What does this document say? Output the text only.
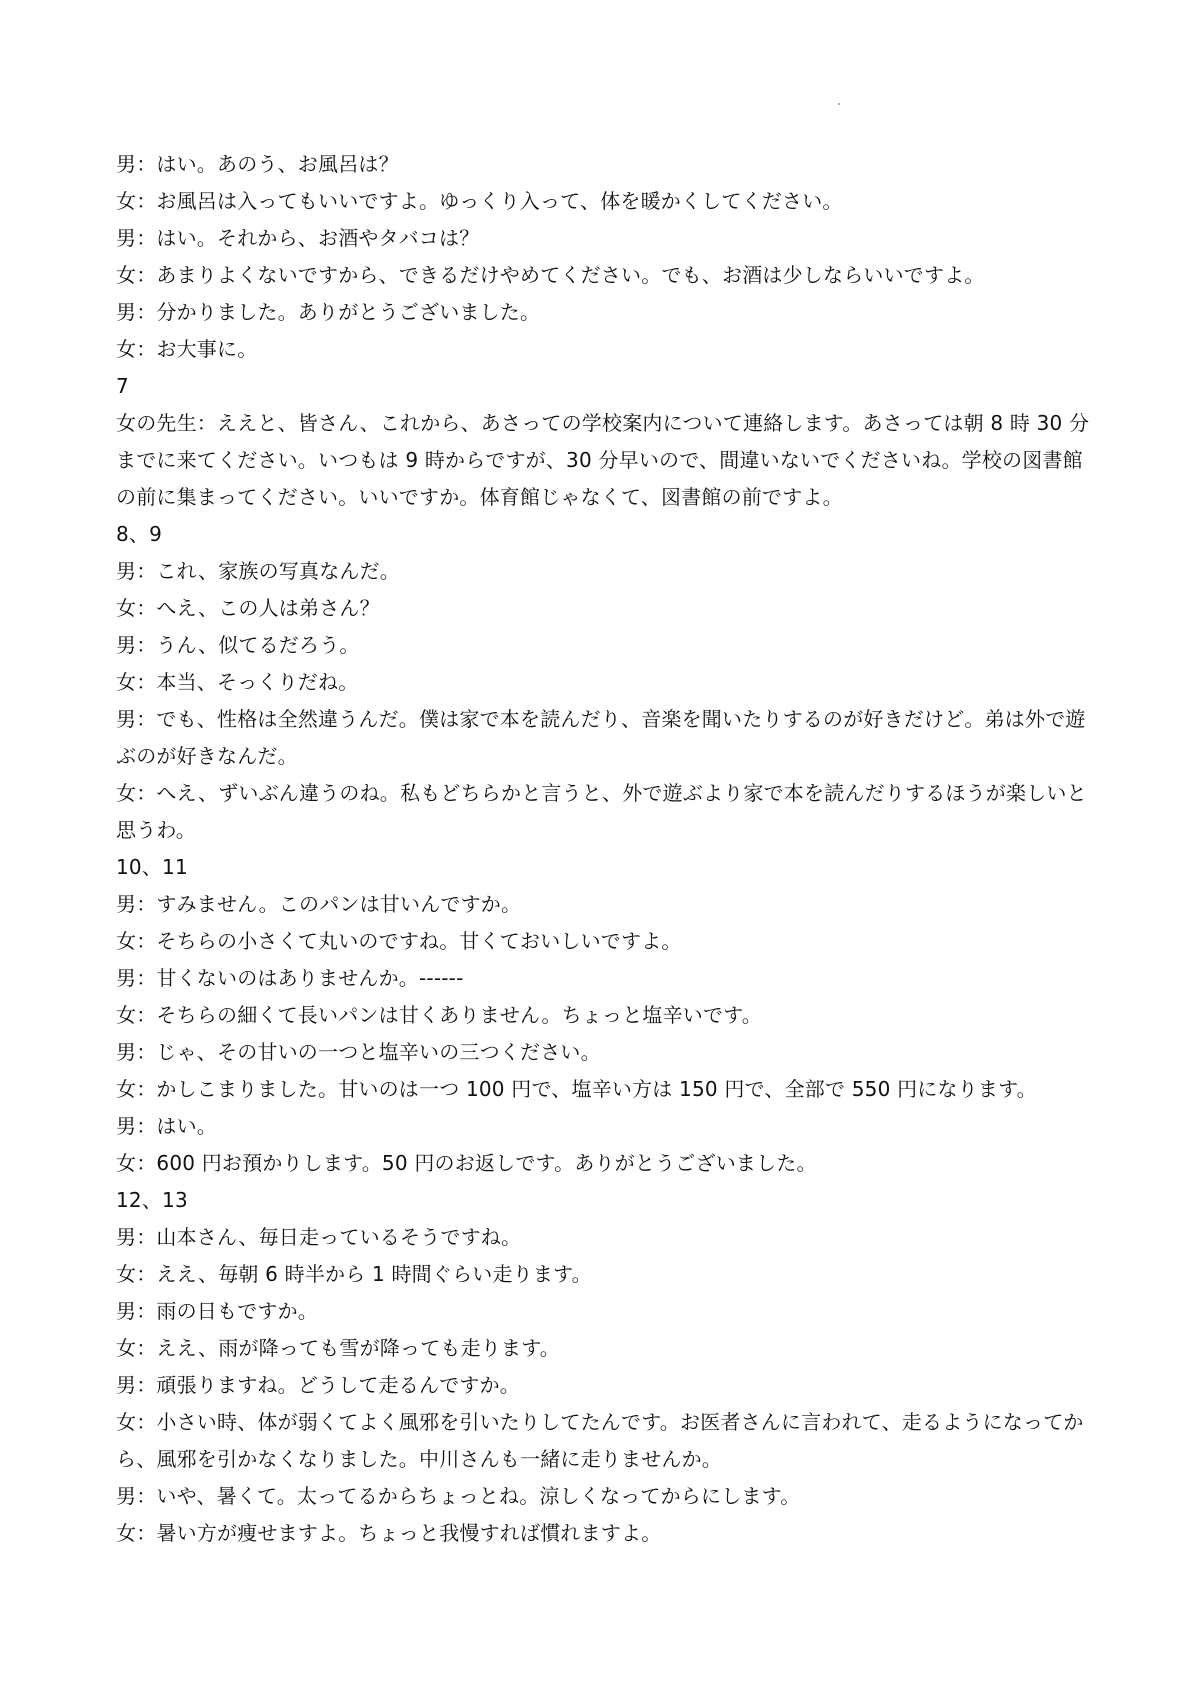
男：はい。あのう、お風呂は？
女：お風呂は入ってもいいですよ。ゆっくり入って、体を暖かくしてください。
男：はい。それから、お酒やタバコは？
女：あまりよくないですから、できるだけやめてください。でも、お酒は少しならいいですよ。
男：分かりました。ありがとうございました。
女：お大事に。
7
女の先生：ええと、皆さん、これから、あさっての学校案内について連絡します。あさっては朝 8 時 30 分までに来てください。いつもは 9 時からですが、30 分早いので、間違いないでくださいね。学校の図書館の前に集まってください。いいですか。体育館じゃなくて、図書館の前ですよ。
8、9
男：これ、家族の写真なんだ。
女：へえ、この人は弟さん？
男：うん、似てるだろう。
女：本当、そっくりだね。
男：でも、性格は全然違うんだ。僕は家で本を読んだり、音楽を聞いたりするのが好きだけど。弟は外で遊ぶのが好きなんだ。
女：へえ、ずいぶん違うのね。私もどちらかと言うと、外で遊ぶより家で本を読んだりするほうが楽しいと思うわ。
10、11
男：すみません。このパンは甘いんですか。
女：そちらの小さくて丸いのですね。甘くておいしいですよ。
男：甘くないのはありませんか。------
女：そちらの細くて長いパンは甘くありません。ちょっと塩辛いです。
男：じゃ、その甘いの一つと塩辛いの三つください。
女：かしこまりました。甘いのは一つ 100 円で、塩辛い方は 150 円で、全部で 550 円になります。
男：はい。
女：600 円お預かりします。50 円のお返しです。ありがとうございました。
12、13
男：山本さん、毎日走っているそうですね。
女：ええ、毎朝 6 時半から 1 時間ぐらい走ります。
男：雨の日もですか。
女：ええ、雨が降っても雪が降っても走ります。
男：頑張りますね。どうして走るんですか。
女：小さい時、体が弱くてよく風邪を引いたりしてたんです。お医者さんに言われて、走るようになってから、風邪を引かなくなりました。中川さんも一緒に走りませんか。
男：いや、暑くて。太ってるからちょっとね。涼しくなってからにします。
女：暑い方が痩せますよ。ちょっと我慢すれば慣れますよ。
